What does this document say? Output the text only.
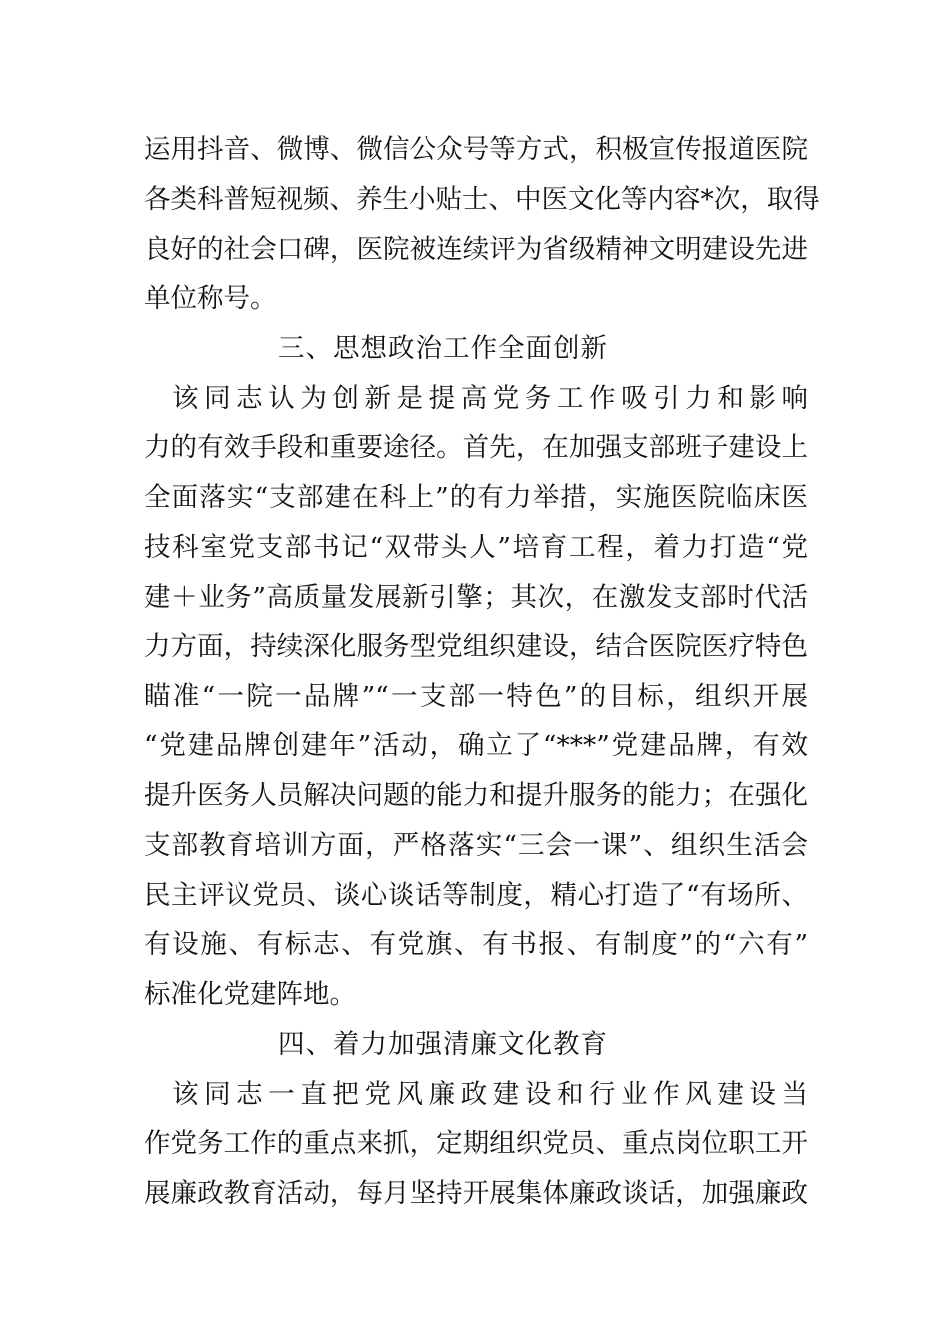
运用抖音、微博、微信公众号等方式，积极宣传报道医院

各类科普短视频、养生小贴士、中医文化等内容*次，取得

良好的社会口碑，医院被连续评为省级精神文明建设先进

单位称号。

三、思想政治工作全面创新

该同志认为创新是提高党务工作吸引力和影响

力的有效手段和重要途径。首先，在加强支部班子建设上

全面落实“支部建在科上”的有力举措，实施医院临床医

技科室党支部书记“双带头人”培育工程，着力打造“党

建＋业务”高质量发展新引擎；其次，在激发支部时代活

力方面，持续深化服务型党组织建设，结合医院医疗特色

瞄准“一院一品牌”“一支部一特色”的目标，组织开展

“党建品牌创建年”活动，确立了“***”党建品牌，有效

提升医务人员解决问题的能力和提升服务的能力；在强化

支部教育培训方面，严格落实“三会一课”、组织生活会

民主评议党员、谈心谈话等制度，精心打造了“有场所、

有设施、有标志、有党旗、有书报、有制度”的“六有”

标准化党建阵地。

四、着力加强清廉文化教育

该同志一直把党风廉政建设和行业作风建设当

作党务工作的重点来抓，定期组织党员、重点岗位职工开

展廉政教育活动，每月坚持开展集体廉政谈话，加强廉政
